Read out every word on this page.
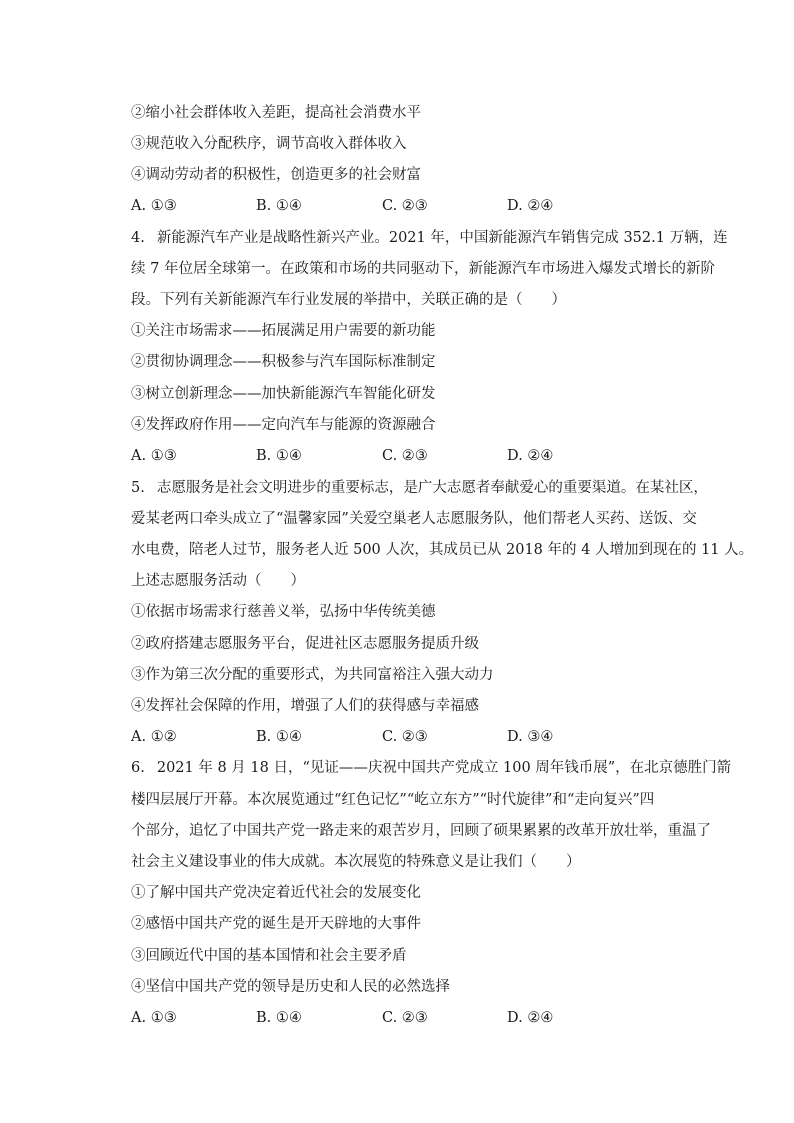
②缩小社会群体收入差距，提高社会消费水平
③规范收入分配秩序，调节高收入群体收入
④调动劳动者的积极性，创造更多的社会财富
A. ①③	B. ①④	C. ②③	D. ②④
4. 新能源汽车产业是战略性新兴产业。2021 年，中国新能源汽车销售完成 352.1 万辆，连
续 7 年位居全球第一。在政策和市场的共同驱动下，新能源汽车市场进入爆发式增长的新阶
段。下列有关新能源汽车行业发展的举措中，关联正确的是（　　）
①关注市场需求——拓展满足用户需要的新功能
②贯彻协调理念——积极参与汽车国际标准制定
③树立创新理念——加快新能源汽车智能化研发
④发挥政府作用——定向汽车与能源的资源融合
A. ①③	B. ①④	C. ②③	D. ②④
5. 志愿服务是社会文明进步的重要标志，是广大志愿者奉献爱心的重要渠道。在某社区，
爱某老两口牵头成立了“温馨家园”关爱空巢老人志愿服务队，他们帮老人买药、送饭、交
水电费，陪老人过节，服务老人近 500 人次，其成员已从 2018 年的 4 人增加到现在的 11 人。
上述志愿服务活动（　　）
①依据市场需求行慈善义举，弘扬中华传统美德
②政府搭建志愿服务平台，促进社区志愿服务提质升级
③作为第三次分配的重要形式，为共同富裕注入强大动力
④发挥社会保障的作用，增强了人们的获得感与幸福感
A. ①②	B. ①④	C. ②③	D. ③④
6. 2021 年 8 月 18 日，“见证——庆祝中国共产党成立 100 周年钱币展”，在北京德胜门箭
楼四层展厅开幕。本次展览通过“红色记忆”“屹立东方”“时代旋律”和“走向复兴”四
个部分，追忆了中国共产党一路走来的艰苦岁月，回顾了硕果累累的改革开放壮举，重温了
社会主义建设事业的伟大成就。本次展览的特殊意义是让我们（　　）
①了解中国共产党决定着近代社会的发展变化
②感悟中国共产党的诞生是开天辟地的大事件
③回顾近代中国的基本国情和社会主要矛盾
④坚信中国共产党的领导是历史和人民的必然选择
A. ①③	B. ①④	C. ②③	D. ②④
